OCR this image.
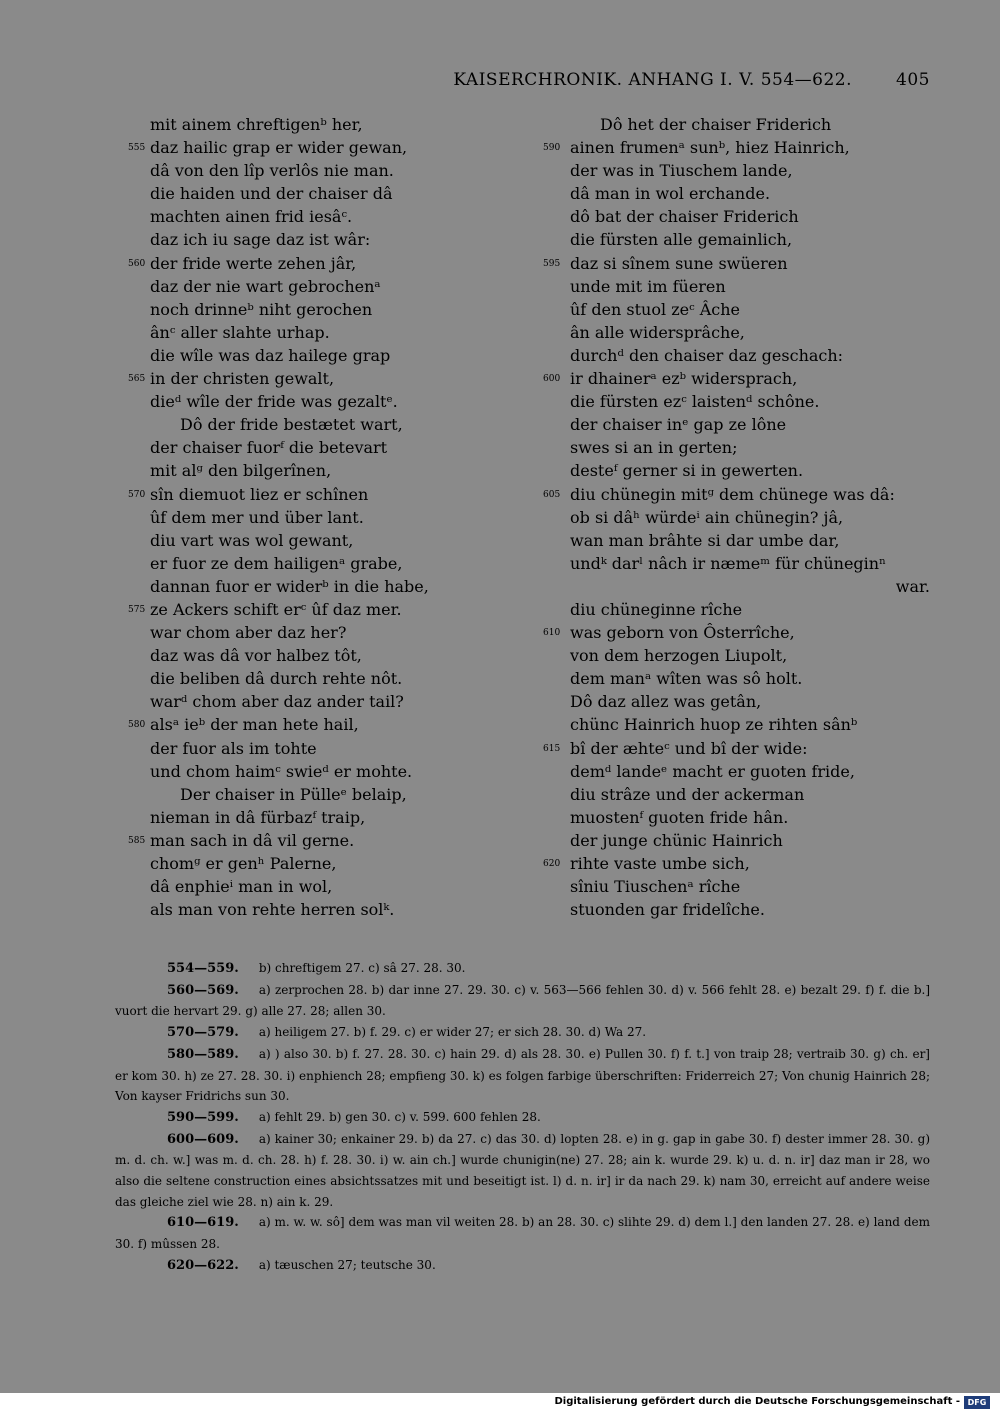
KAISERCHRONIK. ANHANG I. V. 554—622.	405
mit ainem chreftigenᵇ her,
555 daz hailic grap er wider gewan,
dâ von den lîp verlôs nie man.
die haiden und der chaiser dâ
machten ainen frid iesâᶜ.
daz ich iu sage daz ist wâr:
560 der fride werte zehen jâr,
daz der nie wart gebrochenᵃ
noch drinneᵇ niht gerochen
ânᶜ aller slahte urhap.
die wîle was daz hailege grap
565 in der christen gewalt,
dieᵈ wîle der fride was gezaltᵉ.
Dô der fride bestætet wart,
der chaiser fuorᶠ die betevart
mit alᵍ den bilgerînen,
570 sîn diemuot liez er schînen
ûf dem mer und über lant.
diu vart was wol gewant,
er fuor ze dem hailigenᵃ grabe,
dannan fuor er widerᵇ in die habe,
575 ze Ackers schift erᶜ ûf daz mer.
war chom aber daz her?
daz was dâ vor halbez tôt,
die beliben dâ durch rehte nôt.
warᵈ chom aber daz ander tail?
580 alsᵃ ieᵇ der man hete hail,
der fuor als im tohte
und chom haimᶜ swieᵈ er mohte.
Der chaiser in Pülleᵉ belaip,
nieman in dâ fürbazᶠ traip,
585 man sach in dâ vil gerne.
chomᵍ er genʰ Palerne,
dâ enphieⁱ man in wol,
als man von rehte herren solᵏ.
Dô het der chaiser Friderich
590 ainen frumenᵃ sunᵇ, hiez Hainrich,
der was in Tiuschem lande,
dâ man in wol erchande.
dô bat der chaiser Friderich
die fürsten alle gemainlich,
595 daz si sînem sune swüeren
unde mit im füeren
ûf den stuol zeᶜ Âche
ân alle widersprâche,
durchᵈ den chaiser daz geschach:
600 ir dhainerᵃ ezᵇ widersprach,
die fürsten ezᶜ laistenᵈ schône.
der chaiser inᵉ gap ze lône
swes si an in gerten;
desteᶠ gerner si in gewerten.
605 diu chünegin mitᵍ dem chünege was dâ:
ob si dâʰ würdeⁱ ain chünegin? jâ,
wan man brâhte si dar umbe dar,
undᵏ darˡ nâch ir næmeᵐ für chüneginⁿ
war.
diu chüneginne rîche
610 was geborn von Ôsterrîche,
von dem herzogen Liupolt,
dem manᵃ wîten was sô holt.
Dô daz allez was getân,
chünc Hainrich huop ze rihten sânᵇ
615 bî der æhteᶜ und bî der wide:
demᵈ landeᵉ macht er guoten fride,
diu strâze und der ackerman
muostenᶠ guoten fride hân.
der junge chünic Hainrich
620 rihte vaste umbe sich,
sîniu Tiuschenᵃ rîche
stuonden gar fridelîche.
554—559. b) chreftigem 27. c) sâ 27. 28. 30.
560—569. a) zerprochen 28. b) dar inne 27. 29. 30. c) v. 563—566 fehlen 30. d) v. 566 fehlt 28. e) bezalt 29. f) f. die b.] vuort die hervart 29. g) alle 27. 28; allen 30.
570—579. a) heiligem 27. b) f. 29. c) er wider 27; er sich 28. 30. d) Wa 27.
580—589. a) ) also 30. b) f. 27. 28. 30. c) hain 29. d) als 28. 30. e) Pullen 30. f) f. t.] von traip 28; vertraib 30. g) ch. er] er kom 30. h) ze 27. 28. 30. i) enphiench 28; empfieng 30. k) es folgen farbige überschriften: Friderreich 27; Von chunig Hainrich 28; Von kayser Fridrichs sun 30.
590—599. a) fehlt 29. b) gen 30. c) v. 599. 600 fehlen 28.
600—609. a) kainer 30; enkainer 29. b) da 27. c) das 30. d) lopten 28. e) in g. gap in gabe 30. f) dester immer 28. 30. g) m. d. ch. w.] was m. d. ch. 28. h) f. 28. 30. i) w. ain ch.] wurde chunigin(ne) 27. 28; ain k. wurde 29. k) u. d. n. ir] daz man ir 28, wo also die seltene construction eines absichtssatzes mit und beseitigt ist. l) d. n. ir] ir da nach 29. k) nam 30, erreicht auf andere weise das gleiche ziel wie 28. n) ain k. 29.
610—619. a) m. w. w. sô] dem was man vil weiten 28. b) an 28. 30. c) slihte 29. d) dem l.] den landen 27. 28. e) land dem 30. f) mûssen 28.
620—622. a) tæuschen 27; teutsche 30.
Digitalisierung gefördert durch die Deutsche Forschungsgemeinschaft - DFG
